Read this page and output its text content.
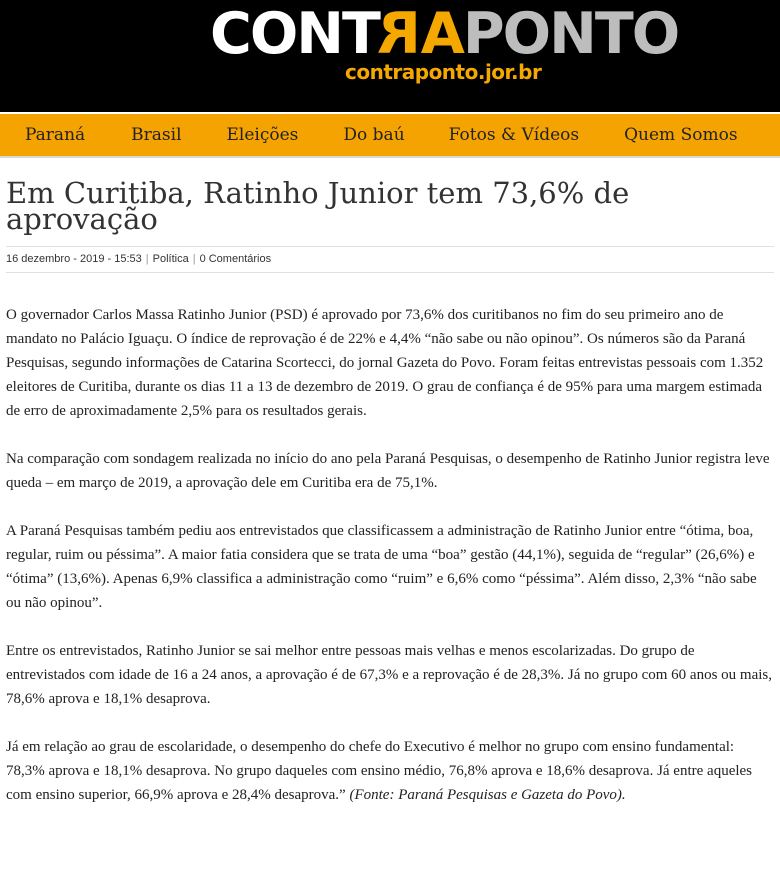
CONTRAPONTO
contraponto.jor.br
Paraná	Brasil	Eleições	Do baú	Fotos & Vídeos	Quem Somos
Em Curitiba, Ratinho Junior tem 73,6% de aprovação
16 dezembro - 2019 - 15:53 | Política | 0 Comentários

O governador Carlos Massa Ratinho Junior (PSD) é aprovado por 73,6% dos curitibanos no fim do seu primeiro ano de mandato no Palácio Iguaçu. O índice de reprovação é de 22% e 4,4% “não sabe ou não opinou”. Os números são da Paraná Pesquisas, segundo informações de Catarina Scortecci, do jornal Gazeta do Povo. Foram feitas entrevistas pessoais com 1.352 eleitores de Curitiba, durante os dias 11 a 13 de dezembro de 2019. O grau de confiança é de 95% para uma margem estimada de erro de aproximadamente 2,5% para os resultados gerais.

Na comparação com sondagem realizada no início do ano pela Paraná Pesquisas, o desempenho de Ratinho Junior registra leve queda – em março de 2019, a aprovação dele em Curitiba era de 75,1%.

A Paraná Pesquisas também pediu aos entrevistados que classificassem a administração de Ratinho Junior entre “ótima, boa, regular, ruim ou péssima”. A maior fatia considera que se trata de uma “boa” gestão (44,1%), seguida de “regular” (26,6%) e “ótima” (13,6%). Apenas 6,9% classifica a administração como “ruim” e 6,6% como “péssima”. Além disso, 2,3% “não sabe ou não opinou”.

Entre os entrevistados, Ratinho Junior se sai melhor entre pessoas mais velhas e menos escolarizadas. Do grupo de entrevistados com idade de 16 a 24 anos, a aprovação é de 67,3% e a reprovação é de 28,3%. Já no grupo com 60 anos ou mais, 78,6% aprova e 18,1% desaprova.

Já em relação ao grau de escolaridade, o desempenho do chefe do Executivo é melhor no grupo com ensino fundamental: 78,3% aprova e 18,1% desaprova. No grupo daqueles com ensino médio, 76,8% aprova e 18,6% desaprova. Já entre aqueles com ensino superior, 66,9% aprova e 28,4% desaprova.” (Fonte: Paraná Pesquisas e Gazeta do Povo).
